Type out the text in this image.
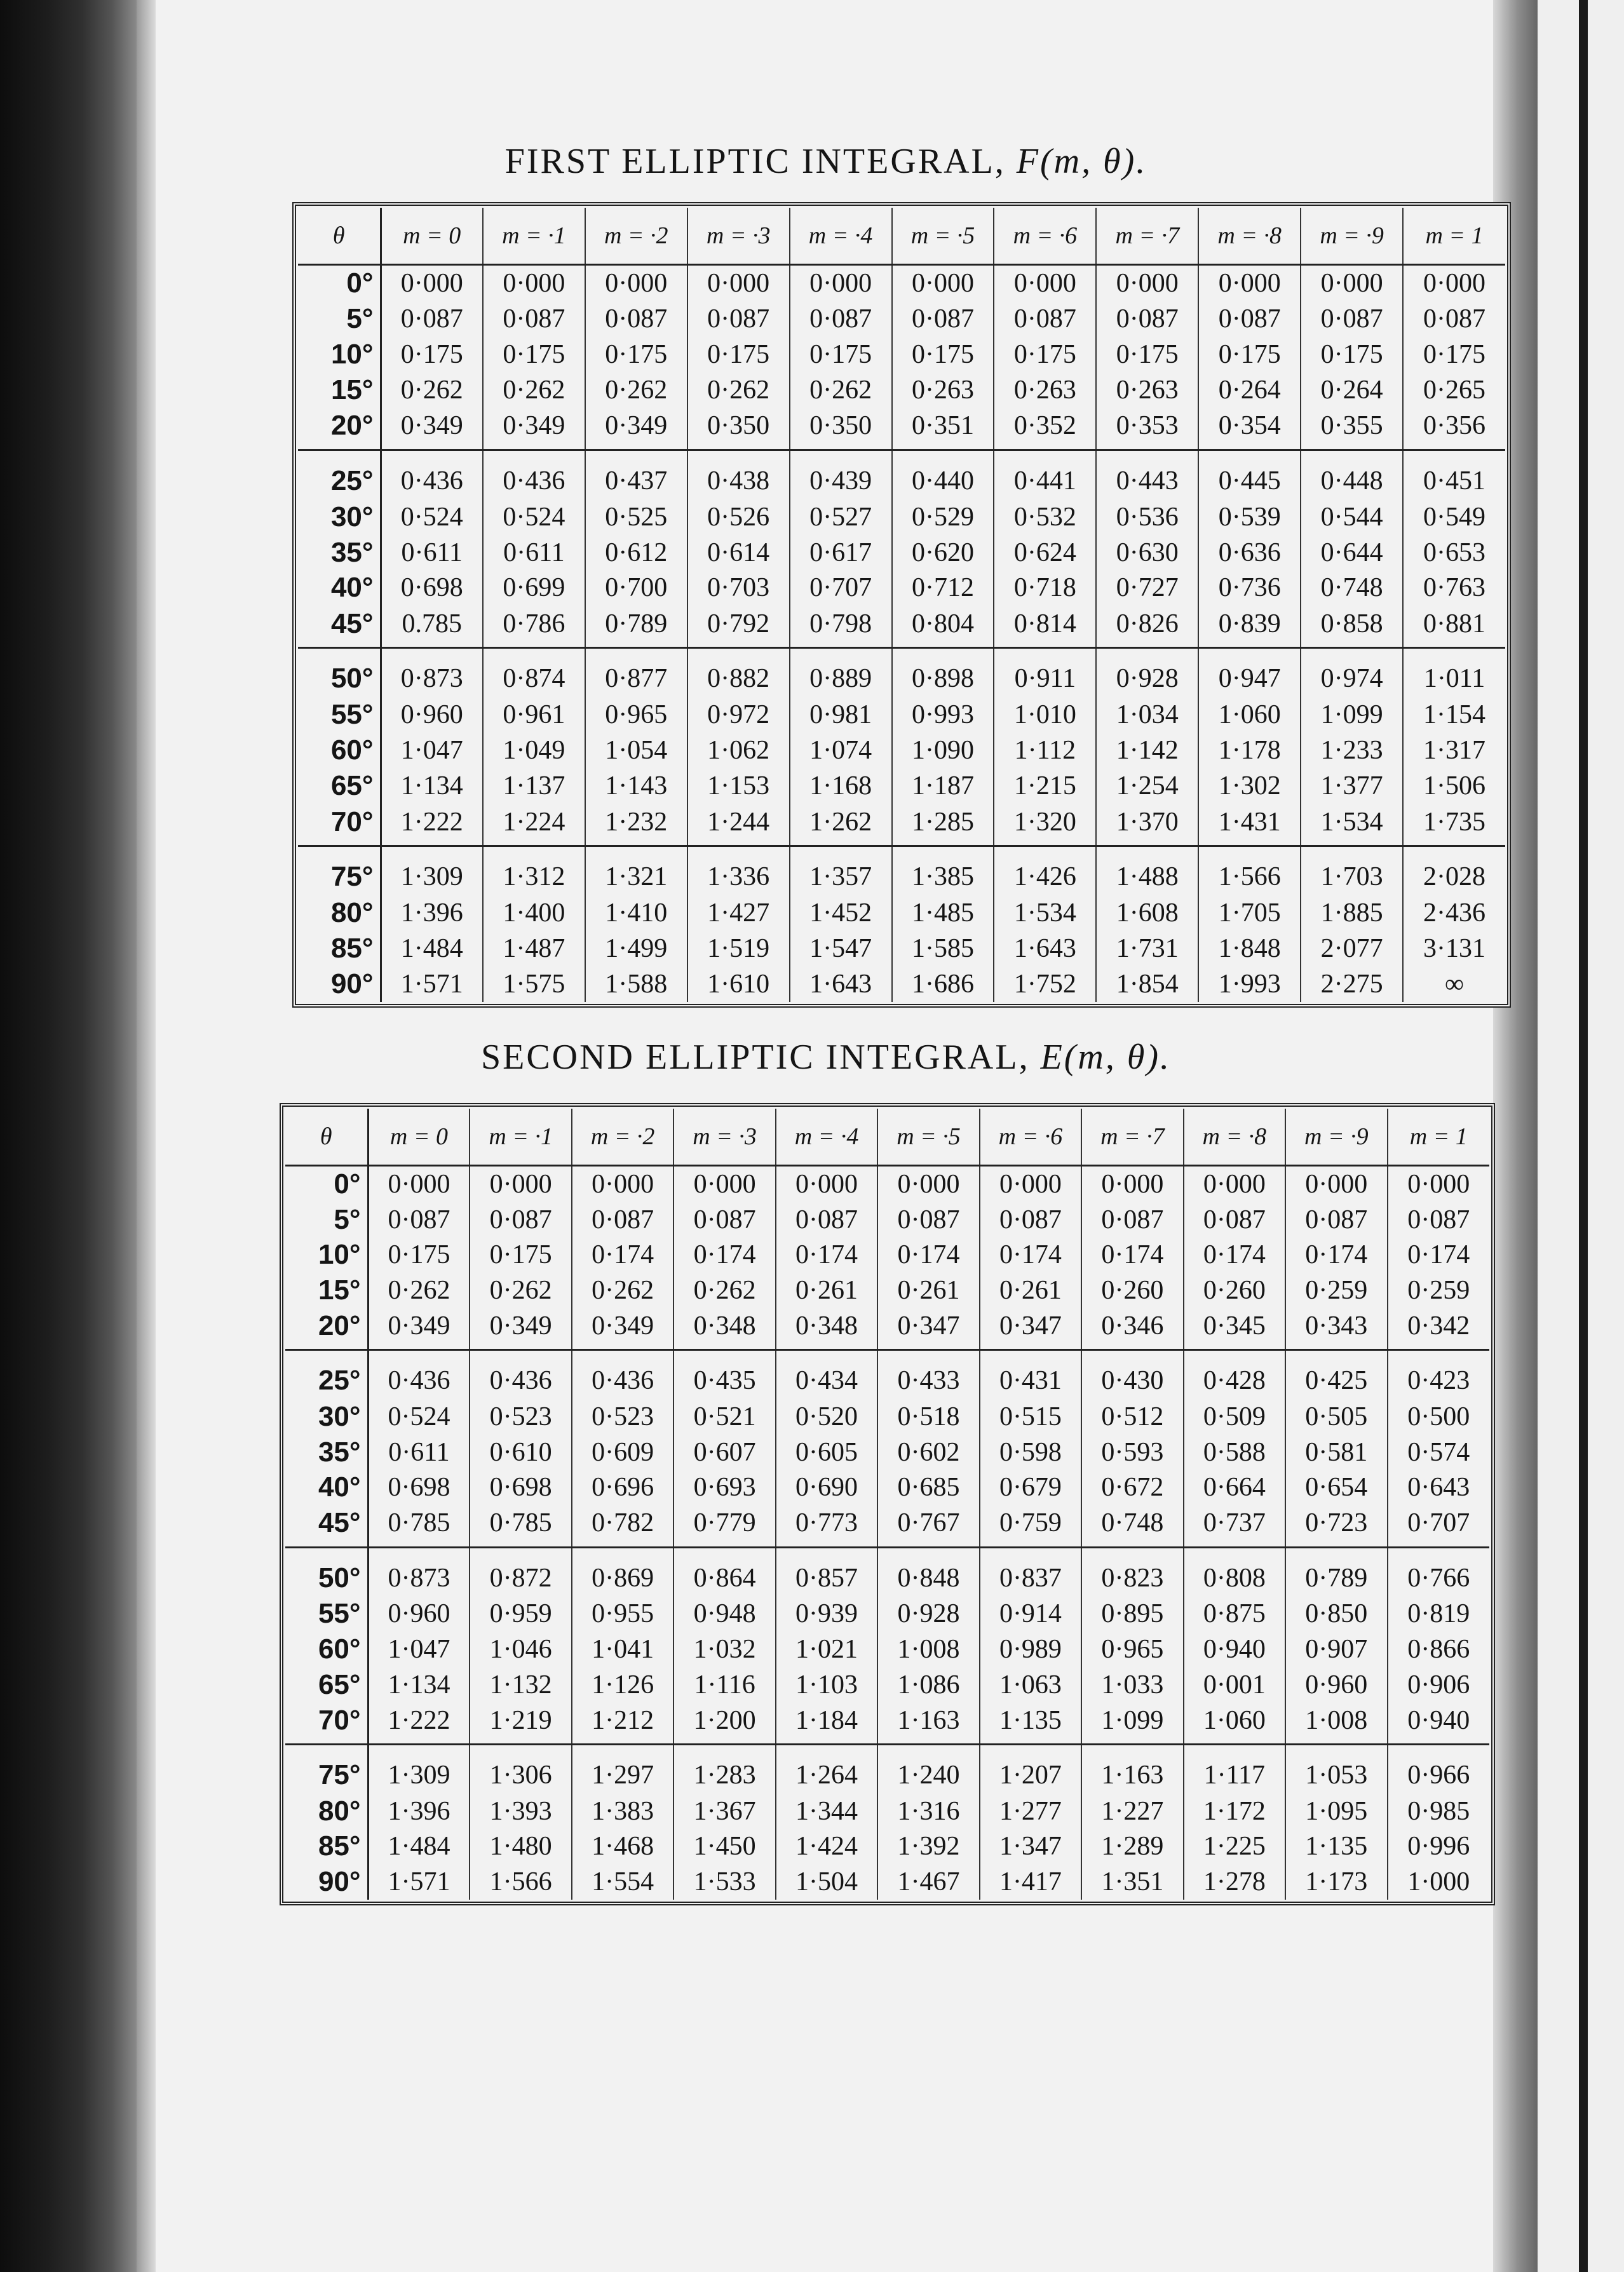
FIRST ELLIPTIC INTEGRAL, F(m, θ).
θ	m = 0	m = ·1	m = ·2	m = ·3	m = ·4	m = ·5	m = ·6	m = ·7	m = ·8	m = ·9	m = 1
0°	0·000	0·000	0·000	0·000	0·000	0·000	0·000	0·000	0·000	0·000	0·000
5°	0·087	0·087	0·087	0·087	0·087	0·087	0·087	0·087	0·087	0·087	0·087
10°	0·175	0·175	0·175	0·175	0·175	0·175	0·175	0·175	0·175	0·175	0·175
15°	0·262	0·262	0·262	0·262	0·262	0·263	0·263	0·263	0·264	0·264	0·265
20°	0·349	0·349	0·349	0·350	0·350	0·351	0·352	0·353	0·354	0·355	0·356
25°	0·436	0·436	0·437	0·438	0·439	0·440	0·441	0·443	0·445	0·448	0·451
30°	0·524	0·524	0·525	0·526	0·527	0·529	0·532	0·536	0·539	0·544	0·549
35°	0·611	0·611	0·612	0·614	0·617	0·620	0·624	0·630	0·636	0·644	0·653
40°	0·698	0·699	0·700	0·703	0·707	0·712	0·718	0·727	0·736	0·748	0·763
45°	0.785	0·786	0·789	0·792	0·798	0·804	0·814	0·826	0·839	0·858	0·881
50°	0·873	0·874	0·877	0·882	0·889	0·898	0·911	0·928	0·947	0·974	1·011
55°	0·960	0·961	0·965	0·972	0·981	0·993	1·010	1·034	1·060	1·099	1·154
60°	1·047	1·049	1·054	1·062	1·074	1·090	1·112	1·142	1·178	1·233	1·317
65°	1·134	1·137	1·143	1·153	1·168	1·187	1·215	1·254	1·302	1·377	1·506
70°	1·222	1·224	1·232	1·244	1·262	1·285	1·320	1·370	1·431	1·534	1·735
75°	1·309	1·312	1·321	1·336	1·357	1·385	1·426	1·488	1·566	1·703	2·028
80°	1·396	1·400	1·410	1·427	1·452	1·485	1·534	1·608	1·705	1·885	2·436
85°	1·484	1·487	1·499	1·519	1·547	1·585	1·643	1·731	1·848	2·077	3·131
90°	1·571	1·575	1·588	1·610	1·643	1·686	1·752	1·854	1·993	2·275	∞
SECOND ELLIPTIC INTEGRAL, E(m, θ).
θ	m = 0	m = ·1	m = ·2	m = ·3	m = ·4	m = ·5	m = ·6	m = ·7	m = ·8	m = ·9	m = 1
0°	0·000	0·000	0·000	0·000	0·000	0·000	0·000	0·000	0·000	0·000	0·000
5°	0·087	0·087	0·087	0·087	0·087	0·087	0·087	0·087	0·087	0·087	0·087
10°	0·175	0·175	0·174	0·174	0·174	0·174	0·174	0·174	0·174	0·174	0·174
15°	0·262	0·262	0·262	0·262	0·261	0·261	0·261	0·260	0·260	0·259	0·259
20°	0·349	0·349	0·349	0·348	0·348	0·347	0·347	0·346	0·345	0·343	0·342
25°	0·436	0·436	0·436	0·435	0·434	0·433	0·431	0·430	0·428	0·425	0·423
30°	0·524	0·523	0·523	0·521	0·520	0·518	0·515	0·512	0·509	0·505	0·500
35°	0·611	0·610	0·609	0·607	0·605	0·602	0·598	0·593	0·588	0·581	0·574
40°	0·698	0·698	0·696	0·693	0·690	0·685	0·679	0·672	0·664	0·654	0·643
45°	0·785	0·785	0·782	0·779	0·773	0·767	0·759	0·748	0·737	0·723	0·707
50°	0·873	0·872	0·869	0·864	0·857	0·848	0·837	0·823	0·808	0·789	0·766
55°	0·960	0·959	0·955	0·948	0·939	0·928	0·914	0·895	0·875	0·850	0·819
60°	1·047	1·046	1·041	1·032	1·021	1·008	0·989	0·965	0·940	0·907	0·866
65°	1·134	1·132	1·126	1·116	1·103	1·086	1·063	1·033	0·001	0·960	0·906
70°	1·222	1·219	1·212	1·200	1·184	1·163	1·135	1·099	1·060	1·008	0·940
75°	1·309	1·306	1·297	1·283	1·264	1·240	1·207	1·163	1·117	1·053	0·966
80°	1·396	1·393	1·383	1·367	1·344	1·316	1·277	1·227	1·172	1·095	0·985
85°	1·484	1·480	1·468	1·450	1·424	1·392	1·347	1·289	1·225	1·135	0·996
90°	1·571	1·566	1·554	1·533	1·504	1·467	1·417	1·351	1·278	1·173	1·000
